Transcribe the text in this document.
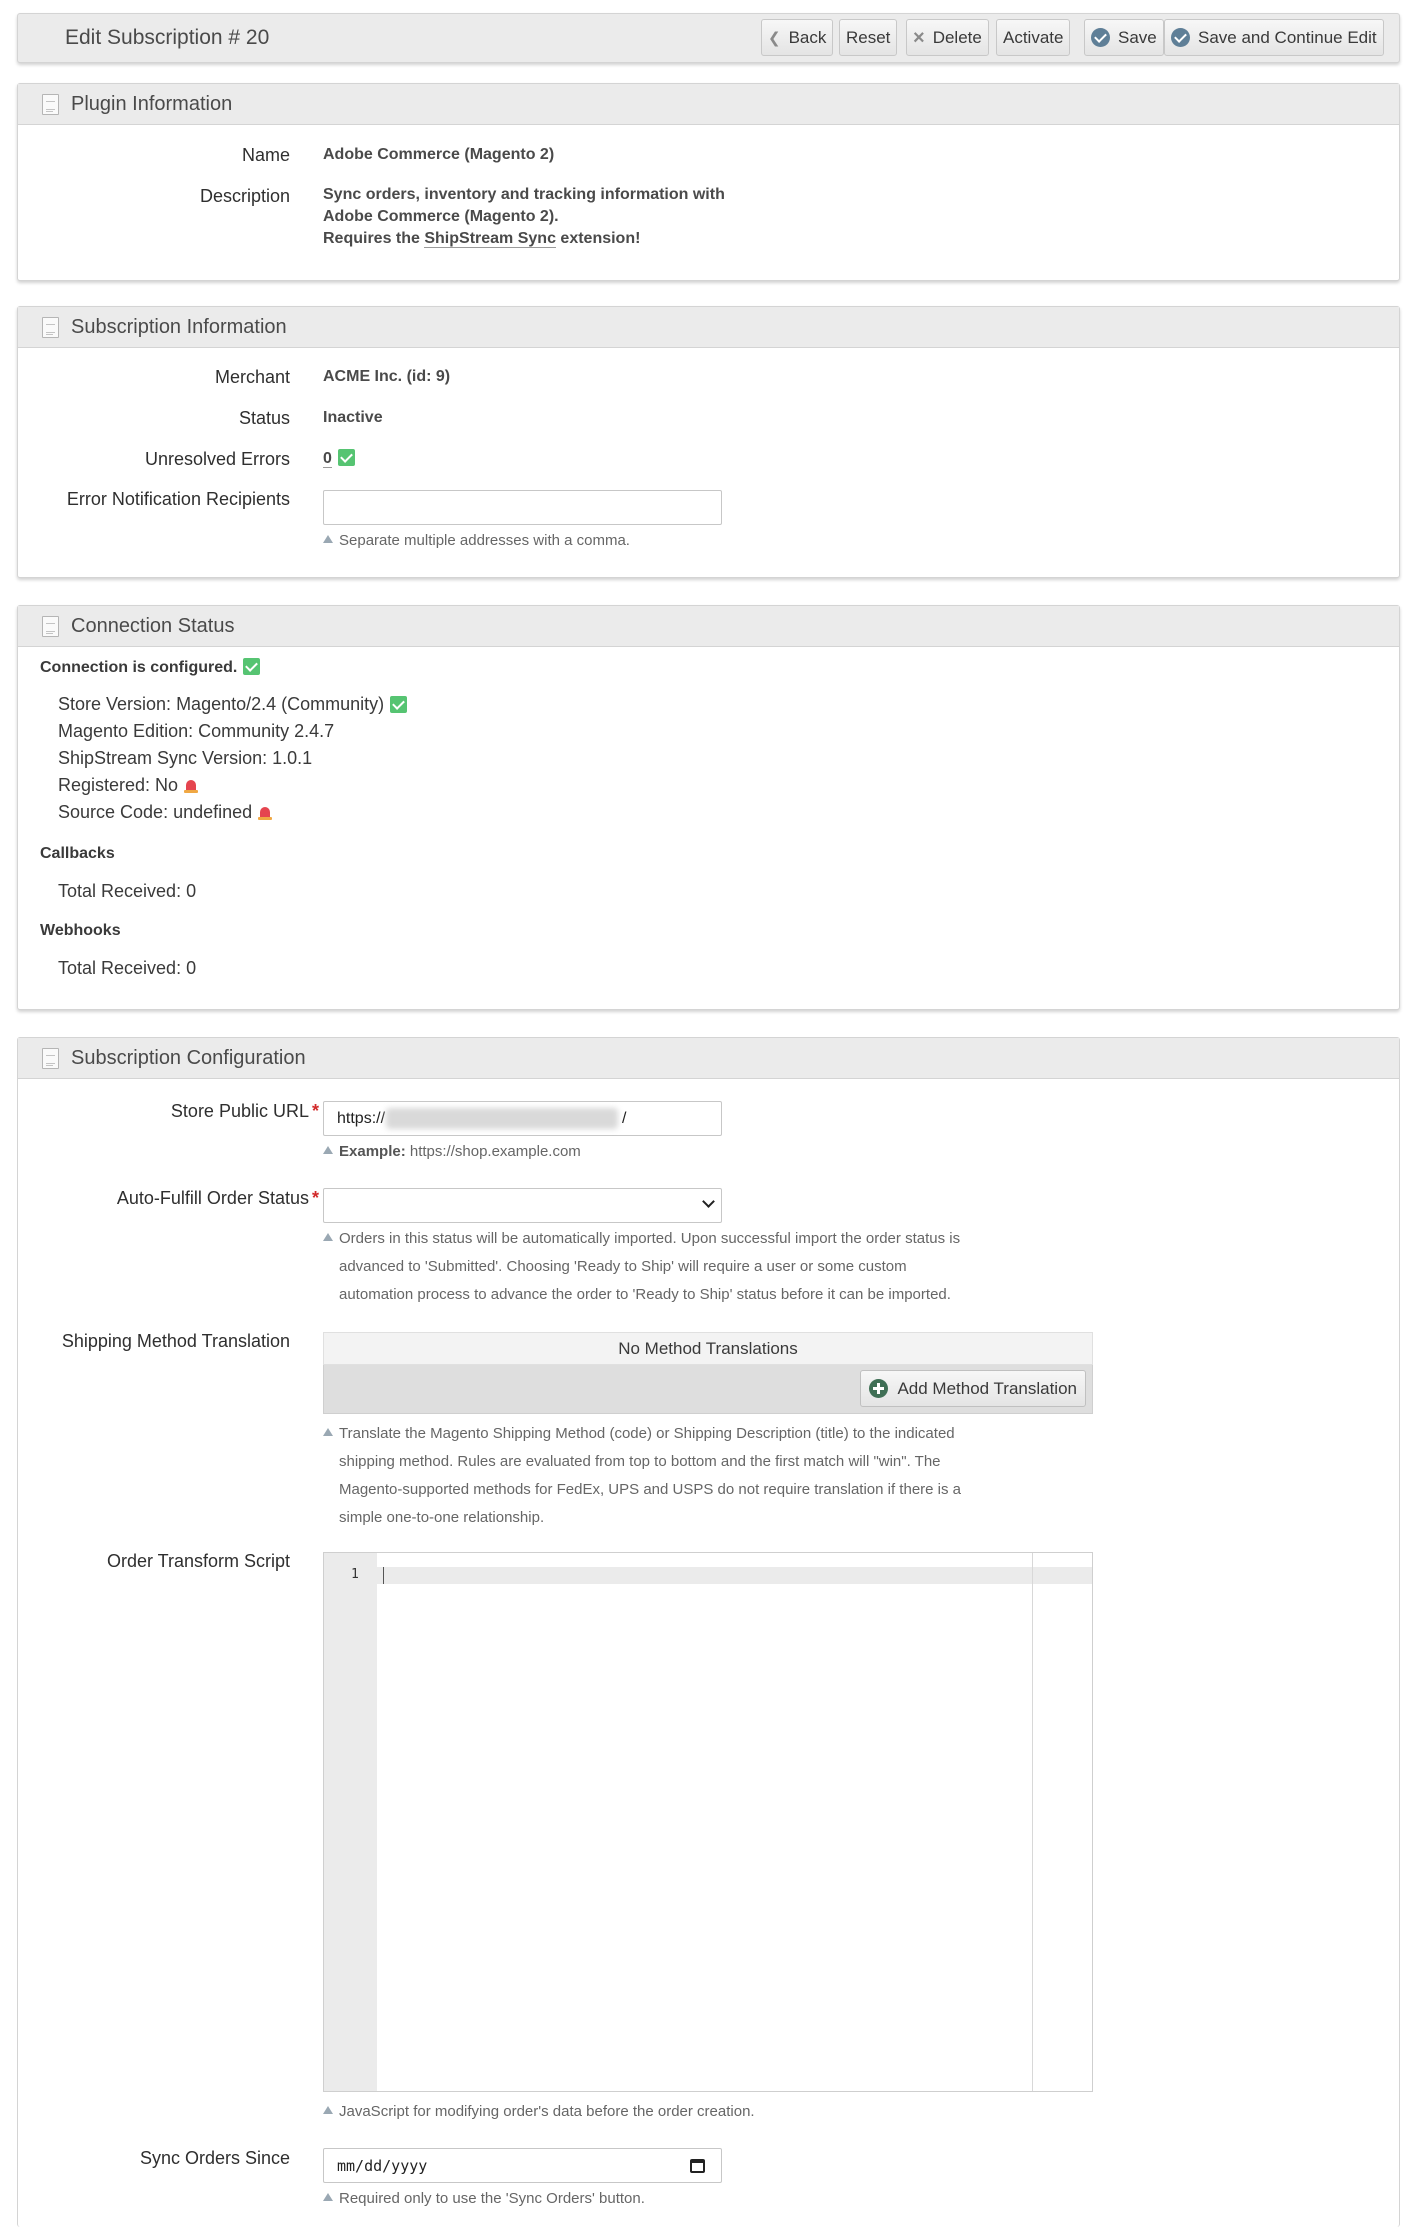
Edit Subscription # 20	❮ Back Reset × Delete Activate	Save Save and Continue Edit
Plugin Information
Name Adobe Commerce (Magento 2)
Description Sync orders, inventory and tracking information with
Adobe Commerce (Magento 2).
Requires the ShipStream Sync extension!
Subscription Information
Merchant ACME Inc. (id: 9)
Status Inactive
Unresolved Errors 0
Error Notification Recipients
Separate multiple addresses with a comma.
Connection Status
Connection is configured.
Store Version: Magento/2.4 (Community)
Magento Edition: Community 2.4.7
ShipStream Sync Version: 1.0.1
Registered: No
Source Code: undefined
Callbacks
Total Received: 0
Webhooks
Total Received: 0
Subscription Configuration
Store Public URL * https://	/
Example: https://shop.example.com
Auto-Fulfill Order Status *
Orders in this status will be automatically imported. Upon successful import the order status is
advanced to 'Submitted'. Choosing 'Ready to Ship' will require a user or some custom
automation process to advance the order to 'Ready to Ship' status before it can be imported.
Shipping Method Translation	No Method Translations
Add Method Translation
Translate the Magento Shipping Method (code) or Shipping Description (title) to the indicated
shipping method. Rules are evaluated from top to bottom and the first match will "win". The
Magento-supported methods for FedEx, UPS and USPS do not require translation if there is a
simple one-to-one relationship.
Order Transform Script
1
JavaScript for modifying order's data before the order creation.
Sync Orders Since	mm/dd/yyyy
Required only to use the 'Sync Orders' button.
